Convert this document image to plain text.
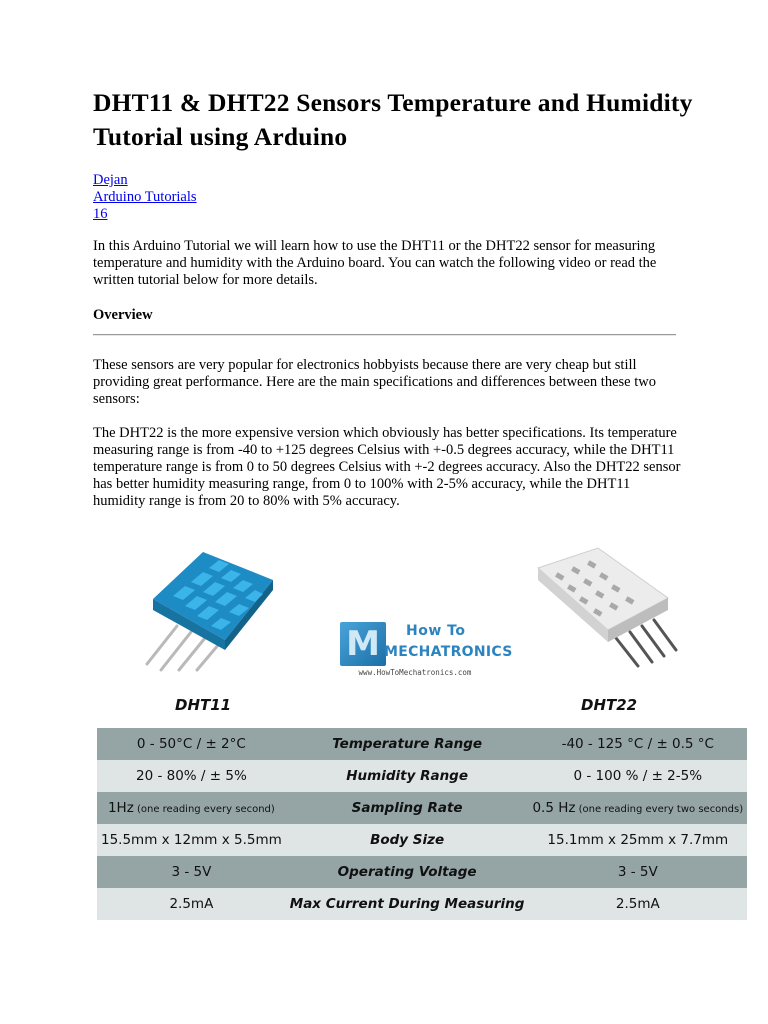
DHT11 & DHT22 Sensors Temperature and Humidity Tutorial using Arduino
Dejan
Arduino Tutorials
16

In this Arduino Tutorial we will learn how to use the DHT11 or the DHT22 sensor for measuring temperature and humidity with the Arduino board. You can watch the following video or read the written tutorial below for more details.

Overview

These sensors are very popular for electronics hobbyists because there are very cheap but still providing great performance. Here are the main specifications and differences between these two sensors:

The DHT22 is the more expensive version which obviously has better specifications. Its temperature measuring range is from -40 to +125 degrees Celsius with +-0.5 degrees accuracy, while the DHT11 temperature range is from 0 to 50 degrees Celsius with +-2 degrees accuracy. Also the DHT22 sensor has better humidity measuring range, from 0 to 100% with 2-5% accuracy, while the DHT11 humidity range is from 20 to 80% with 5% accuracy.

M	How To
MECHATRONICS
www.HowToMechatronics.com
DHT11	DHT22
0 - 50°C / ± 2°C	Temperature Range	-40 - 125 °C / ± 0.5 °C
20 - 80% / ± 5%	Humidity Range	0 - 100 % / ± 2-5%
1Hz (one reading every second)	Sampling Rate	0.5 Hz (one reading every two seconds)
15.5mm x 12mm x 5.5mm	Body Size	15.1mm x 25mm x 7.7mm
3 - 5V	Operating Voltage	3 - 5V
2.5mA	Max Current During Measuring	2.5mA
